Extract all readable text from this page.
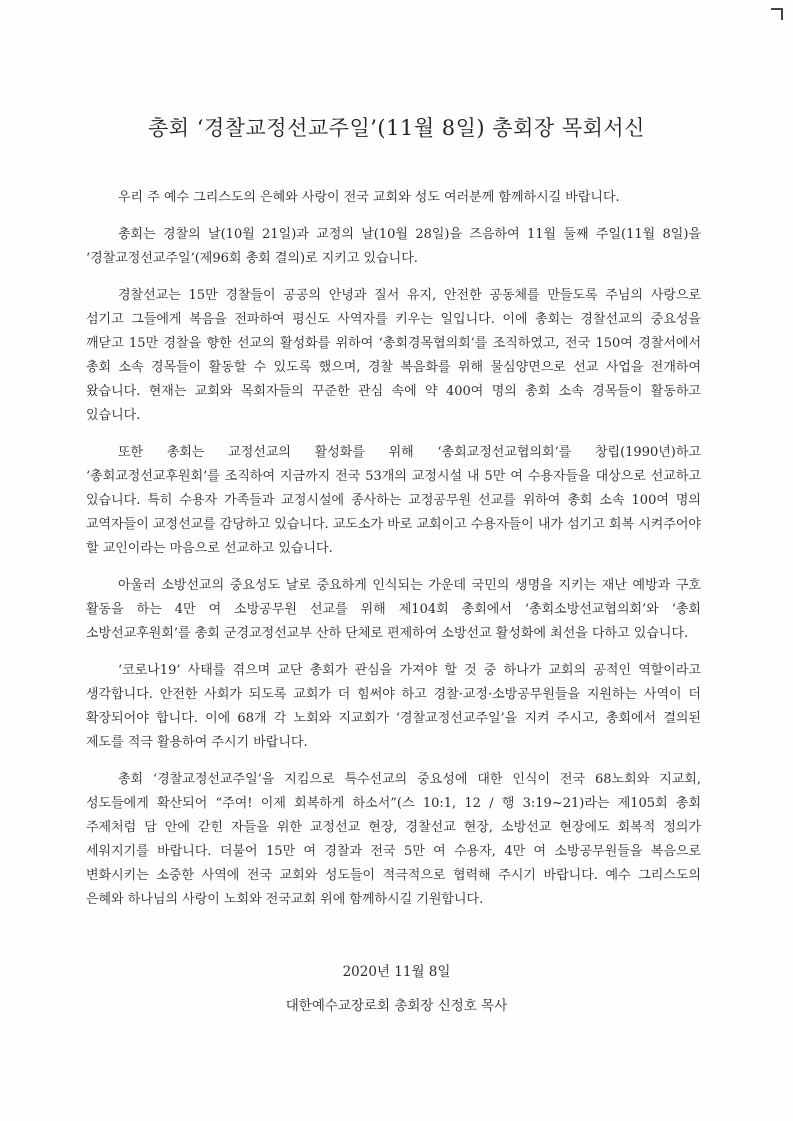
총회 ‘경찰교정선교주일’(11월 8일) 총회장 목회서신

우리 주 예수 그리스도의 은혜와 사랑이 전국 교회와 성도 여러분께 함께하시길 바랍니다.

총회는 경찰의 날(10월 21일)과 교정의 날(10월 28일)을 즈음하여 11월 둘째 주일(11월 8일)을 ‘경찰교정선교주일’(제96회 총회 결의)로 지키고 있습니다.

경찰선교는 15만 경찰들이 공공의 안녕과 질서 유지, 안전한 공동체를 만들도록 주님의 사랑으로 섬기고 그들에게 복음을 전파하여 평신도 사역자를 키우는 일입니다. 이에 총회는 경찰선교의 중요성을 깨닫고 15만 경찰을 향한 선교의 활성화를 위하여 ‘총회경목협의회’를 조직하였고, 전국 150여 경찰서에서 총회 소속 경목들이 활동할 수 있도록 했으며, 경찰 복음화를 위해 물심양면으로 선교 사업을 전개하여 왔습니다. 현재는 교회와 목회자들의 꾸준한 관심 속에 약 400여 명의 총회 소속 경목들이 활동하고 있습니다.

또한 총회는 교정선교의 활성화를 위해 ‘총회교정선교협의회’를 창립(1990년)하고 ‘총회교정선교후원회’를 조직하여 지금까지 전국 53개의 교정시설 내 5만 여 수용자들을 대상으로 선교하고 있습니다. 특히 수용자 가족들과 교정시설에 종사하는 교정공무원 선교를 위하여 총회 소속 100여 명의 교역자들이 교정선교를 감당하고 있습니다. 교도소가 바로 교회이고 수용자들이 내가 섬기고 회복 시켜주어야 할 교인이라는 마음으로 선교하고 있습니다.

아울러 소방선교의 중요성도 날로 중요하게 인식되는 가운데 국민의 생명을 지키는 재난 예방과 구호 활동을 하는 4만 여 소방공무원 선교를 위해 제104회 총회에서 ‘총회소방선교협의회’와 ‘총회 소방선교후원회’를 총회 군경교정선교부 산하 단체로 편제하여 소방선교 활성화에 최선을 다하고 있습니다.

‘코로나19’ 사태를 겪으며 교단 총회가 관심을 가져야 할 것 중 하나가 교회의 공적인 역할이라고 생각합니다. 안전한 사회가 되도록 교회가 더 힘써야 하고 경찰·교정·소방공무원들을 지원하는 사역이 더 확장되어야 합니다. 이에 68개 각 노회와 지교회가 ‘경찰교정선교주일’을 지켜 주시고, 총회에서 결의된 제도를 적극 활용하여 주시기 바랍니다.

총회 ‘경찰교정선교주일’을 지킴으로 특수선교의 중요성에 대한 인식이 전국 68노회와 지교회, 성도들에게 확산되어 “주여! 이제 회복하게 하소서”(스 10:1, 12 / 행 3:19~21)라는 제105회 총회 주제처럼 담 안에 갇힌 자들을 위한 교정선교 현장, 경찰선교 현장, 소방선교 현장에도 회복적 정의가 세워지기를 바랍니다. 더불어 15만 여 경찰과 전국 5만 여 수용자, 4만 여 소방공무원들을 복음으로 변화시키는 소중한 사역에 전국 교회와 성도들이 적극적으로 협력해 주시기 바랍니다. 예수 그리스도의 은혜와 하나님의 사랑이 노회와 전국교회 위에 함께하시길 기원합니다.

2020년 11월 8일
대한예수교장로회 총회장 신정호 목사
